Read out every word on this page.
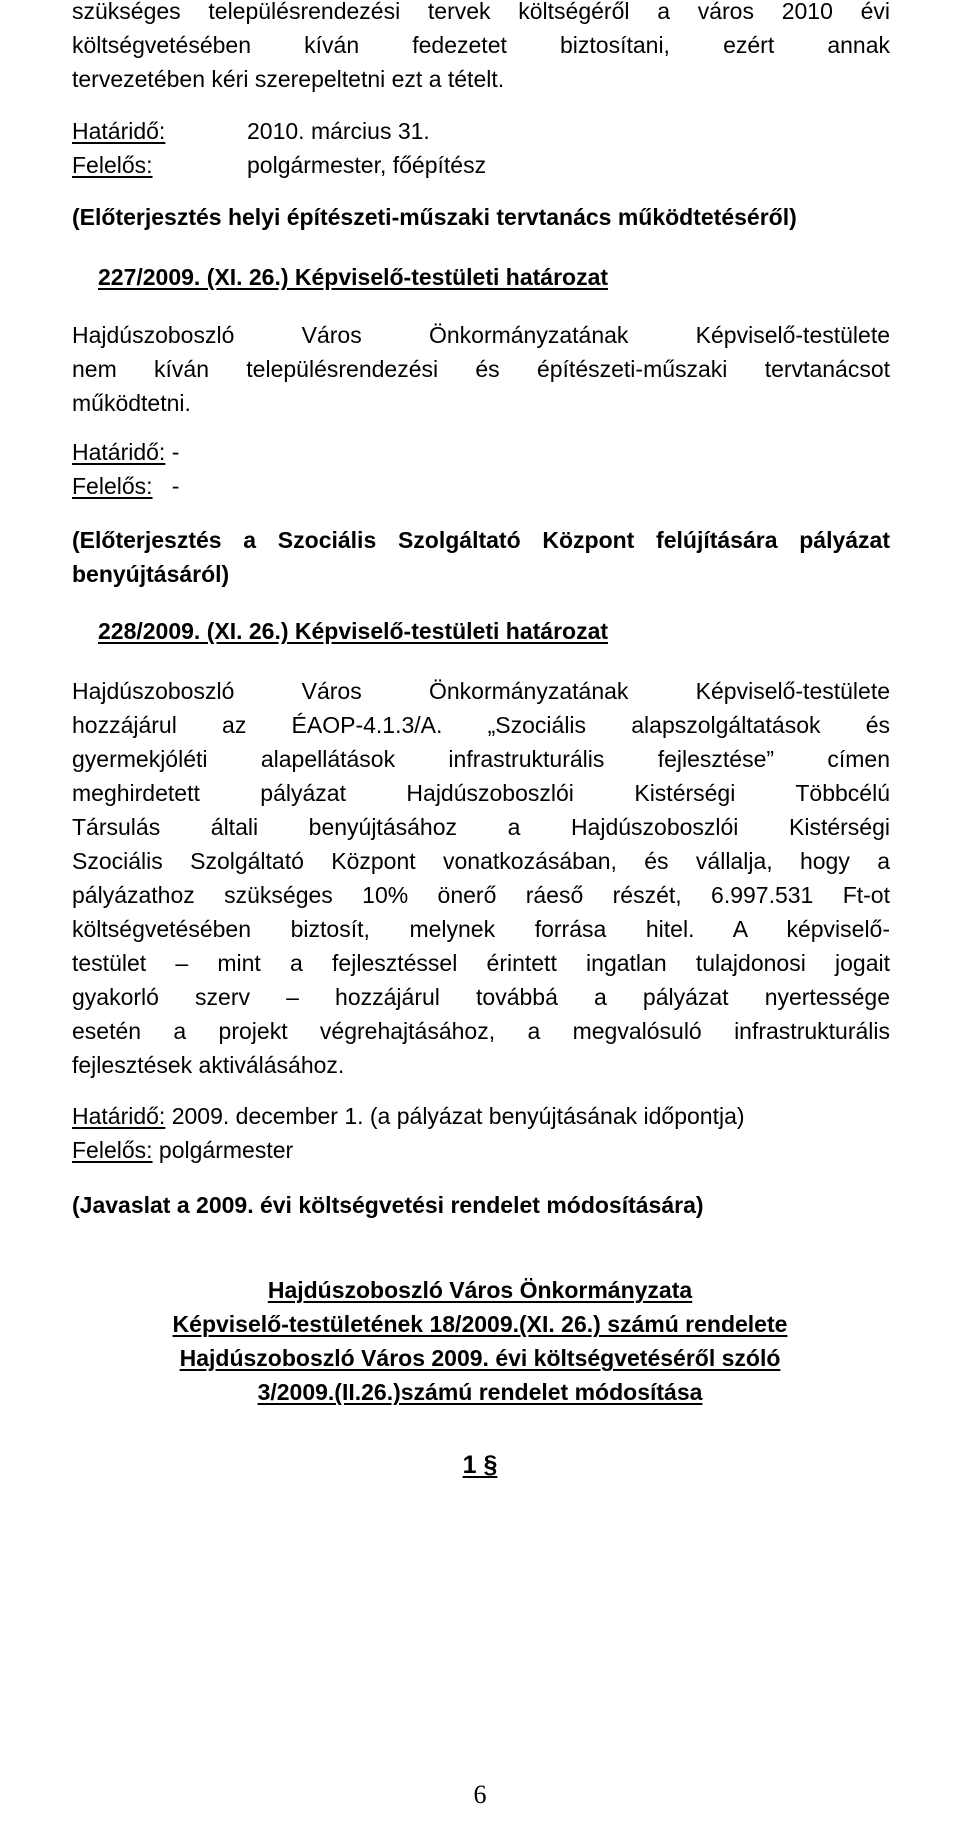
szükséges településrendezési tervek költségéről a város 2010 évi
költségvetésében kíván fedezetet biztosítani, ezért annak
tervezetében kéri szerepeltetni ezt a tételt.
Határidő:	2010. március 31.
Felelős:	polgármester, főépítész
(Előterjesztés helyi építészeti-műszaki tervtanács működtetéséről)
227/2009. (XI. 26.) Képviselő-testületi határozat
Hajdúszoboszló Város Önkormányzatának Képviselő-testülete
nem kíván településrendezési és építészeti-műszaki tervtanácsot
működtetni.
Határidő: -
Felelős: -
(Előterjesztés a Szociális Szolgáltató Központ felújítására pályázat
benyújtásáról)
228/2009. (XI. 26.) Képviselő-testületi határozat
Hajdúszoboszló Város Önkormányzatának Képviselő-testülete
hozzájárul az ÉAOP-4.1.3/A. „Szociális alapszolgáltatások és
gyermekjóléti alapellátások infrastrukturális fejlesztése” címen
meghirdetett pályázat Hajdúszoboszlói Kistérségi Többcélú
Társulás általi benyújtásához a Hajdúszoboszlói Kistérségi
Szociális Szolgáltató Központ vonatkozásában, és vállalja, hogy a
pályázathoz szükséges 10% önerő ráeső részét, 6.997.531 Ft-ot
költségvetésében biztosít, melynek forrása hitel. A képviselő-
testület – mint a fejlesztéssel érintett ingatlan tulajdonosi jogait
gyakorló szerv – hozzájárul továbbá a pályázat nyertessége
esetén a projekt végrehajtásához, a megvalósuló infrastrukturális
fejlesztések aktiválásához.
Határidő: 2009. december 1. (a pályázat benyújtásának időpontja)
Felelős: polgármester
(Javaslat a 2009. évi költségvetési rendelet módosítására)
Hajdúszoboszló Város Önkormányzata
Képviselő-testületének 18/2009.(XI. 26.) számú rendelete
Hajdúszoboszló Város 2009. évi költségvetéséről szóló
3/2009.(II.26.)számú rendelet módosítása
1 §
6
